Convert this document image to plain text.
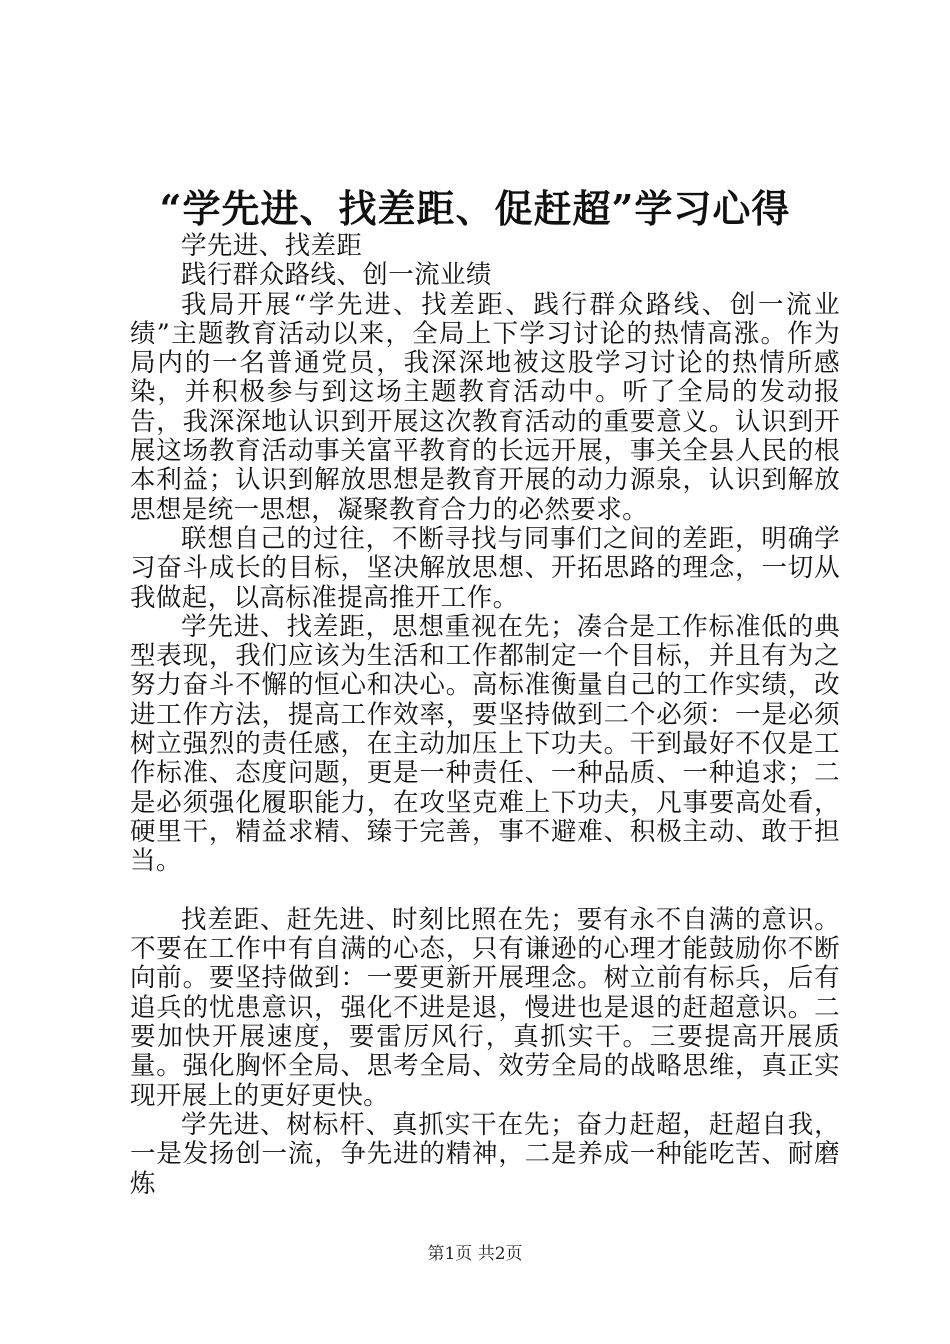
“学先进、找差距、促赶超”学习心得

学先进、找差距

践行群众路线、创一流业绩

我局开展“学先进、找差距、践行群众路线、创一流业绩”主题教育活动以来，全局上下学习讨论的热情高涨。作为局内的一名普通党员，我深深地被这股学习讨论的热情所感染，并积极参与到这场主题教育活动中。听了全局的发动报告，我深深地认识到开展这次教育活动的重要意义。认识到开展这场教育活动事关富平教育的长远开展，事关全县人民的根本利益；认识到解放思想是教育开展的动力源泉，认识到解放思想是统一思想，凝聚教育合力的必然要求。

联想自己的过往，不断寻找与同事们之间的差距，明确学习奋斗成长的目标，坚决解放思想、开拓思路的理念，一切从我做起，以高标准提高推开工作。

学先进、找差距，思想重视在先；凑合是工作标准低的典型表现，我们应该为生活和工作都制定一个目标，并且有为之努力奋斗不懈的恒心和决心。高标准衡量自己的工作实绩，改进工作方法，提高工作效率，要坚持做到二个必须：一是必须树立强烈的责任感，在主动加压上下功夫。干到最好不仅是工作标准、态度问题，更是一种责任、一种品质、一种追求；二是必须强化履职能力，在攻坚克难上下功夫，凡事要高处看，硬里干，精益求精、臻于完善，事不避难、积极主动、敢于担当。

找差距、赶先进、时刻比照在先；要有永不自满的意识。不要在工作中有自满的心态，只有谦逊的心理才能鼓励你不断向前。要坚持做到：一要更新开展理念。树立前有标兵，后有追兵的忧患意识，强化不进是退，慢进也是退的赶超意识。二要加快开展速度，要雷厉风行，真抓实干。三要提高开展质量。强化胸怀全局、思考全局、效劳全局的战略思维，真正实现开展上的更好更快。

学先进、树标杆、真抓实干在先；奋力赶超，赶超自我，一是发扬创一流，争先进的精神，二是养成一种能吃苦、耐磨炼

第1页 共2页
